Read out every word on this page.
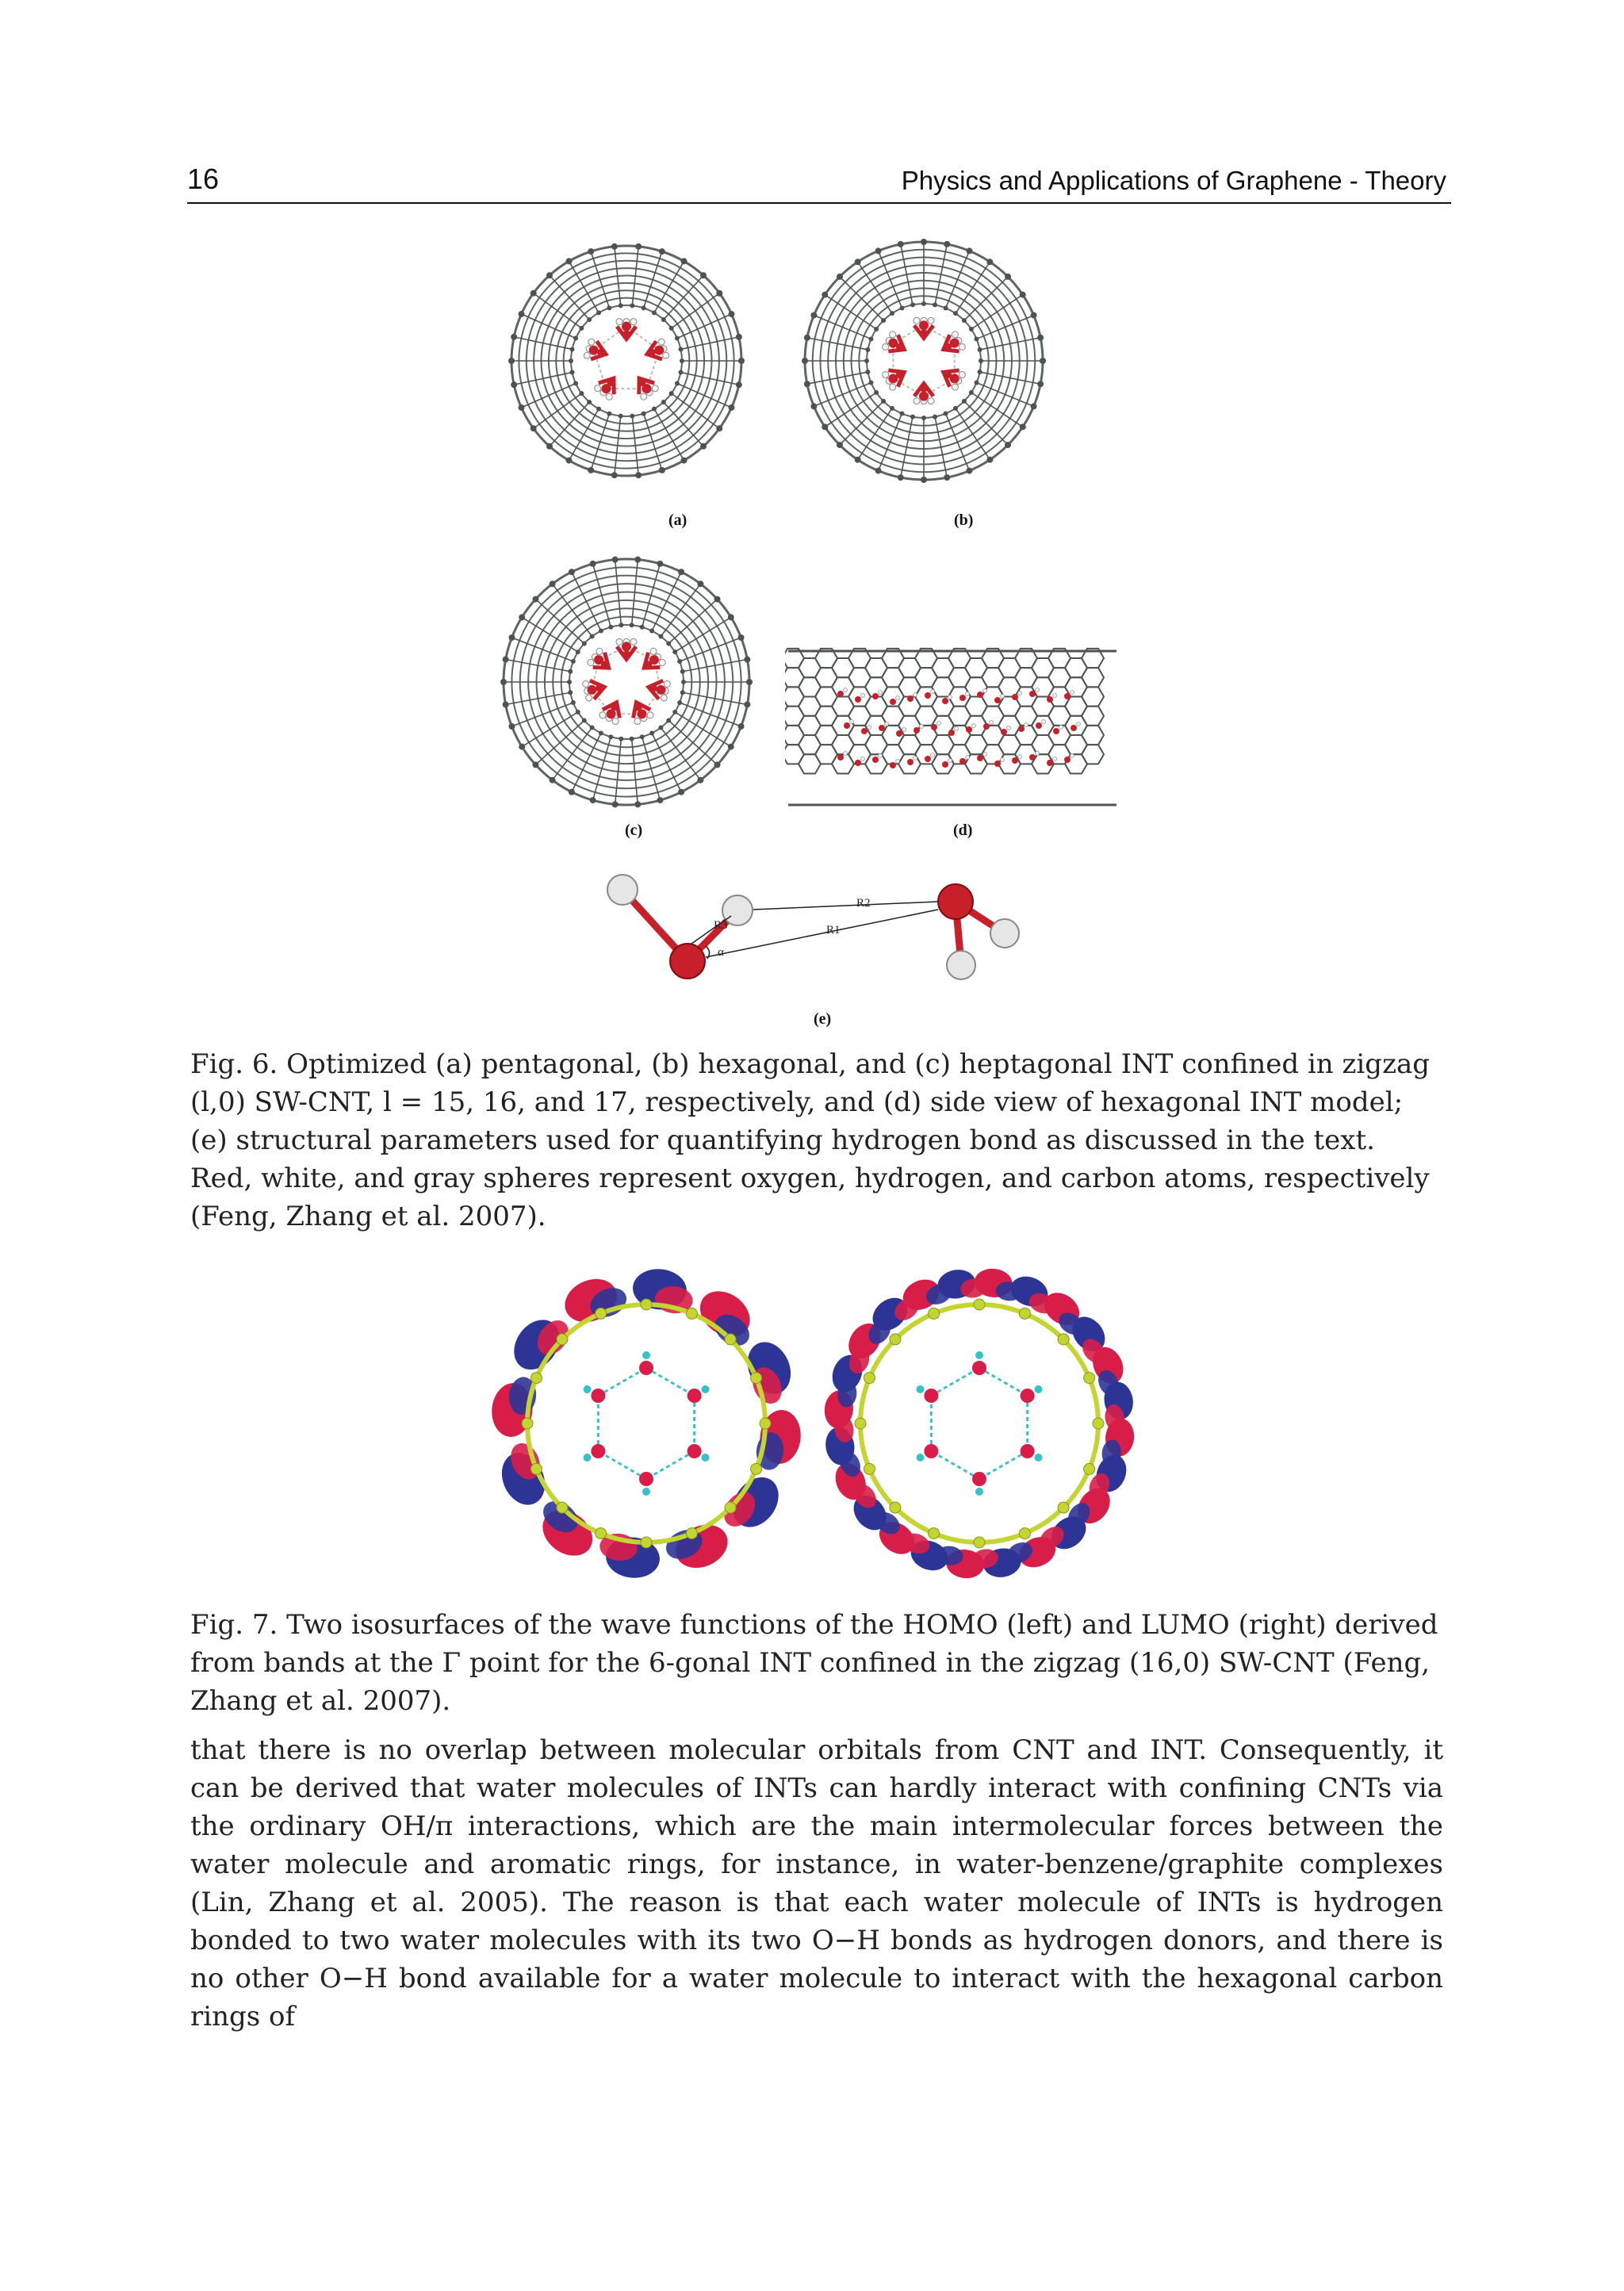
16	Physics and Applications of Graphene - Theory
(a)	(b)
(c)	(d)
R2
R1
R3
α
(e)

Fig. 6. Optimized (a) pentagonal, (b) hexagonal, and (c) heptagonal INT confined in zigzag (l,0) SW-CNT, l = 15, 16, and 17, respectively, and (d) side view of hexagonal INT model; (e) structural parameters used for quantifying hydrogen bond as discussed in the text. Red, white, and gray spheres represent oxygen, hydrogen, and carbon atoms, respectively (Feng, Zhang et al. 2007).

Fig. 7. Two isosurfaces of the wave functions of the HOMO (left) and LUMO (right) derived from bands at the Γ point for the 6-gonal INT confined in the zigzag (16,0) SW-CNT (Feng, Zhang et al. 2007).

that there is no overlap between molecular orbitals from CNT and INT. Consequently, it can be derived that water molecules of INTs can hardly interact with confining CNTs via the ordinary OH/π interactions, which are the main intermolecular forces between the water molecule and aromatic rings, for instance, in water-benzene/graphite complexes (Lin, Zhang et al. 2005). The reason is that each water molecule of INTs is hydrogen bonded to two water molecules with its two O−H bonds as hydrogen donors, and there is no other O−H bond available for a water molecule to interact with the hexagonal carbon rings of
